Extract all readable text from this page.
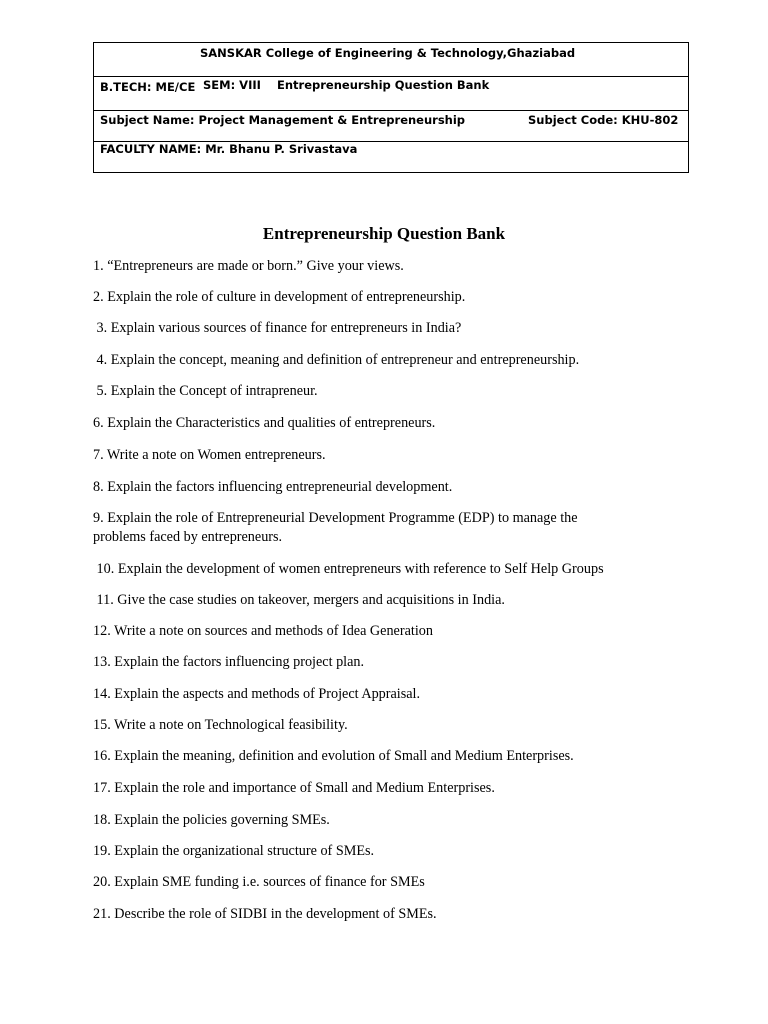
SANSKAR College of Engineering & Technology,Ghaziabad
B.TECH: ME/CE SEM: VIII Entrepreneurship Question Bank
Subject Name: Project Management & Entrepreneurship	Subject Code: KHU-802
FACULTY NAME: Mr. Bhanu P. Srivastava
Entrepreneurship Question Bank
1. “Entrepreneurs are made or born.” Give your views.
2. Explain the role of culture in development of entrepreneurship.
3. Explain various sources of finance for entrepreneurs in India?
4. Explain the concept, meaning and definition of entrepreneur and entrepreneurship.
5. Explain the Concept of intrapreneur.
6. Explain the Characteristics and qualities of entrepreneurs.
7. Write a note on Women entrepreneurs.
8. Explain the factors influencing entrepreneurial development.
9. Explain the role of Entrepreneurial Development Programme (EDP) to manage the problems faced by entrepreneurs.
10. Explain the development of women entrepreneurs with reference to Self Help Groups
11. Give the case studies on takeover, mergers and acquisitions in India.
12. Write a note on sources and methods of Idea Generation
13. Explain the factors influencing project plan.
14. Explain the aspects and methods of Project Appraisal.
15. Write a note on Technological feasibility.
16. Explain the meaning, definition and evolution of Small and Medium Enterprises.
17. Explain the role and importance of Small and Medium Enterprises.
18. Explain the policies governing SMEs.
19. Explain the organizational structure of SMEs.
20. Explain SME funding i.e. sources of finance for SMEs
21. Describe the role of SIDBI in the development of SMEs.
